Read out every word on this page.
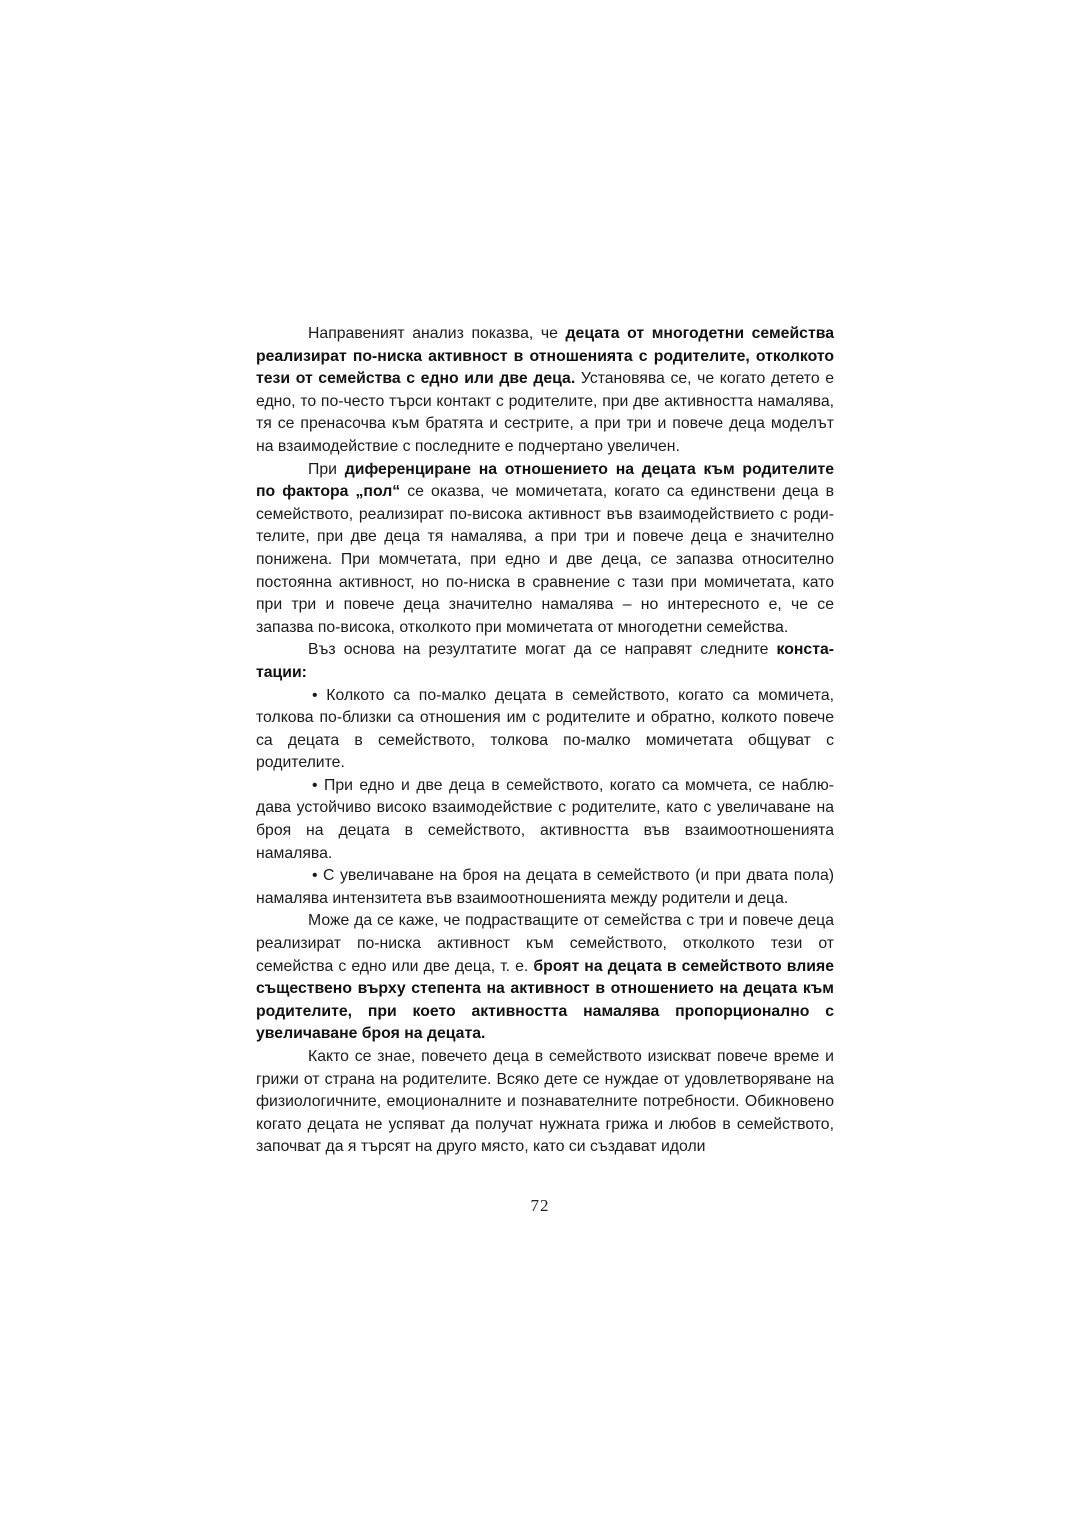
Направеният анализ показва, че децата от многодетни семейства реализират по-ниска активност в отношенията с родителите, отколкото тези от семейства с едно или две деца. Установява се, че когато детето е едно, то по-често търси контакт с родителите, при две активността намалява, тя се пренасочва към братята и сестрите, а при три и повече деца моделът на взаимодействие с последните е подчертано увеличен.

При диференциране на отношението на децата към родителите по фактора „пол“ се оказва, че момичетата, когато са единствени деца в семейството, реализират по-висока активност във взаимодействието с родителите, при две деца тя намалява, а при три и повече деца е значително понижена. При момчетата, при едно и две деца, се запазва относително постоянна активност, но по-ниска в сравнение с тази при момичетата, като при три и повече деца значително намалява – но интересното е, че се запазва по-висока, отколкото при момичетата от многодетни семейства.

Въз основа на резултатите могат да се направят следните констатации:

• Колкото са по-малко децата в семейството, когато са момичета, толкова по-близки са отношения им с родителите и обратно, колкото повече са децата в семейството, толкова по-малко момичетата общуват с родителите.

• При едно и две деца в семейството, когато са момчета, се наблюдава устойчиво високо взаимодействие с родителите, като с увеличаване на броя на децата в семейството, активността във взаимоотношенията намалява.

• С увеличаване на броя на децата в семейството (и при двата пола) намалява интензитета във взаимоотношенията между родители и деца.

Може да се каже, че подрастващите от семейства с три и повече деца реализират по-ниска активност към семейството, отколкото тези от семейства с едно или две деца, т. е. броят на децата в семейството влияе съществено върху степента на активност в отношението на децата към родителите, при което активността намалява пропорционално с увеличаване броя на децата.

Както се знае, повечето деца в семейството изискват повече време и грижи от страна на родителите. Всяко дете се нуждае от удовлетворяване на физиологичните, емоционалните и познавателните потребности. Обикновено когато децата не успяват да получат нужната грижа и любов в семейството, започват да я търсят на друго място, като си създават идоли

72
